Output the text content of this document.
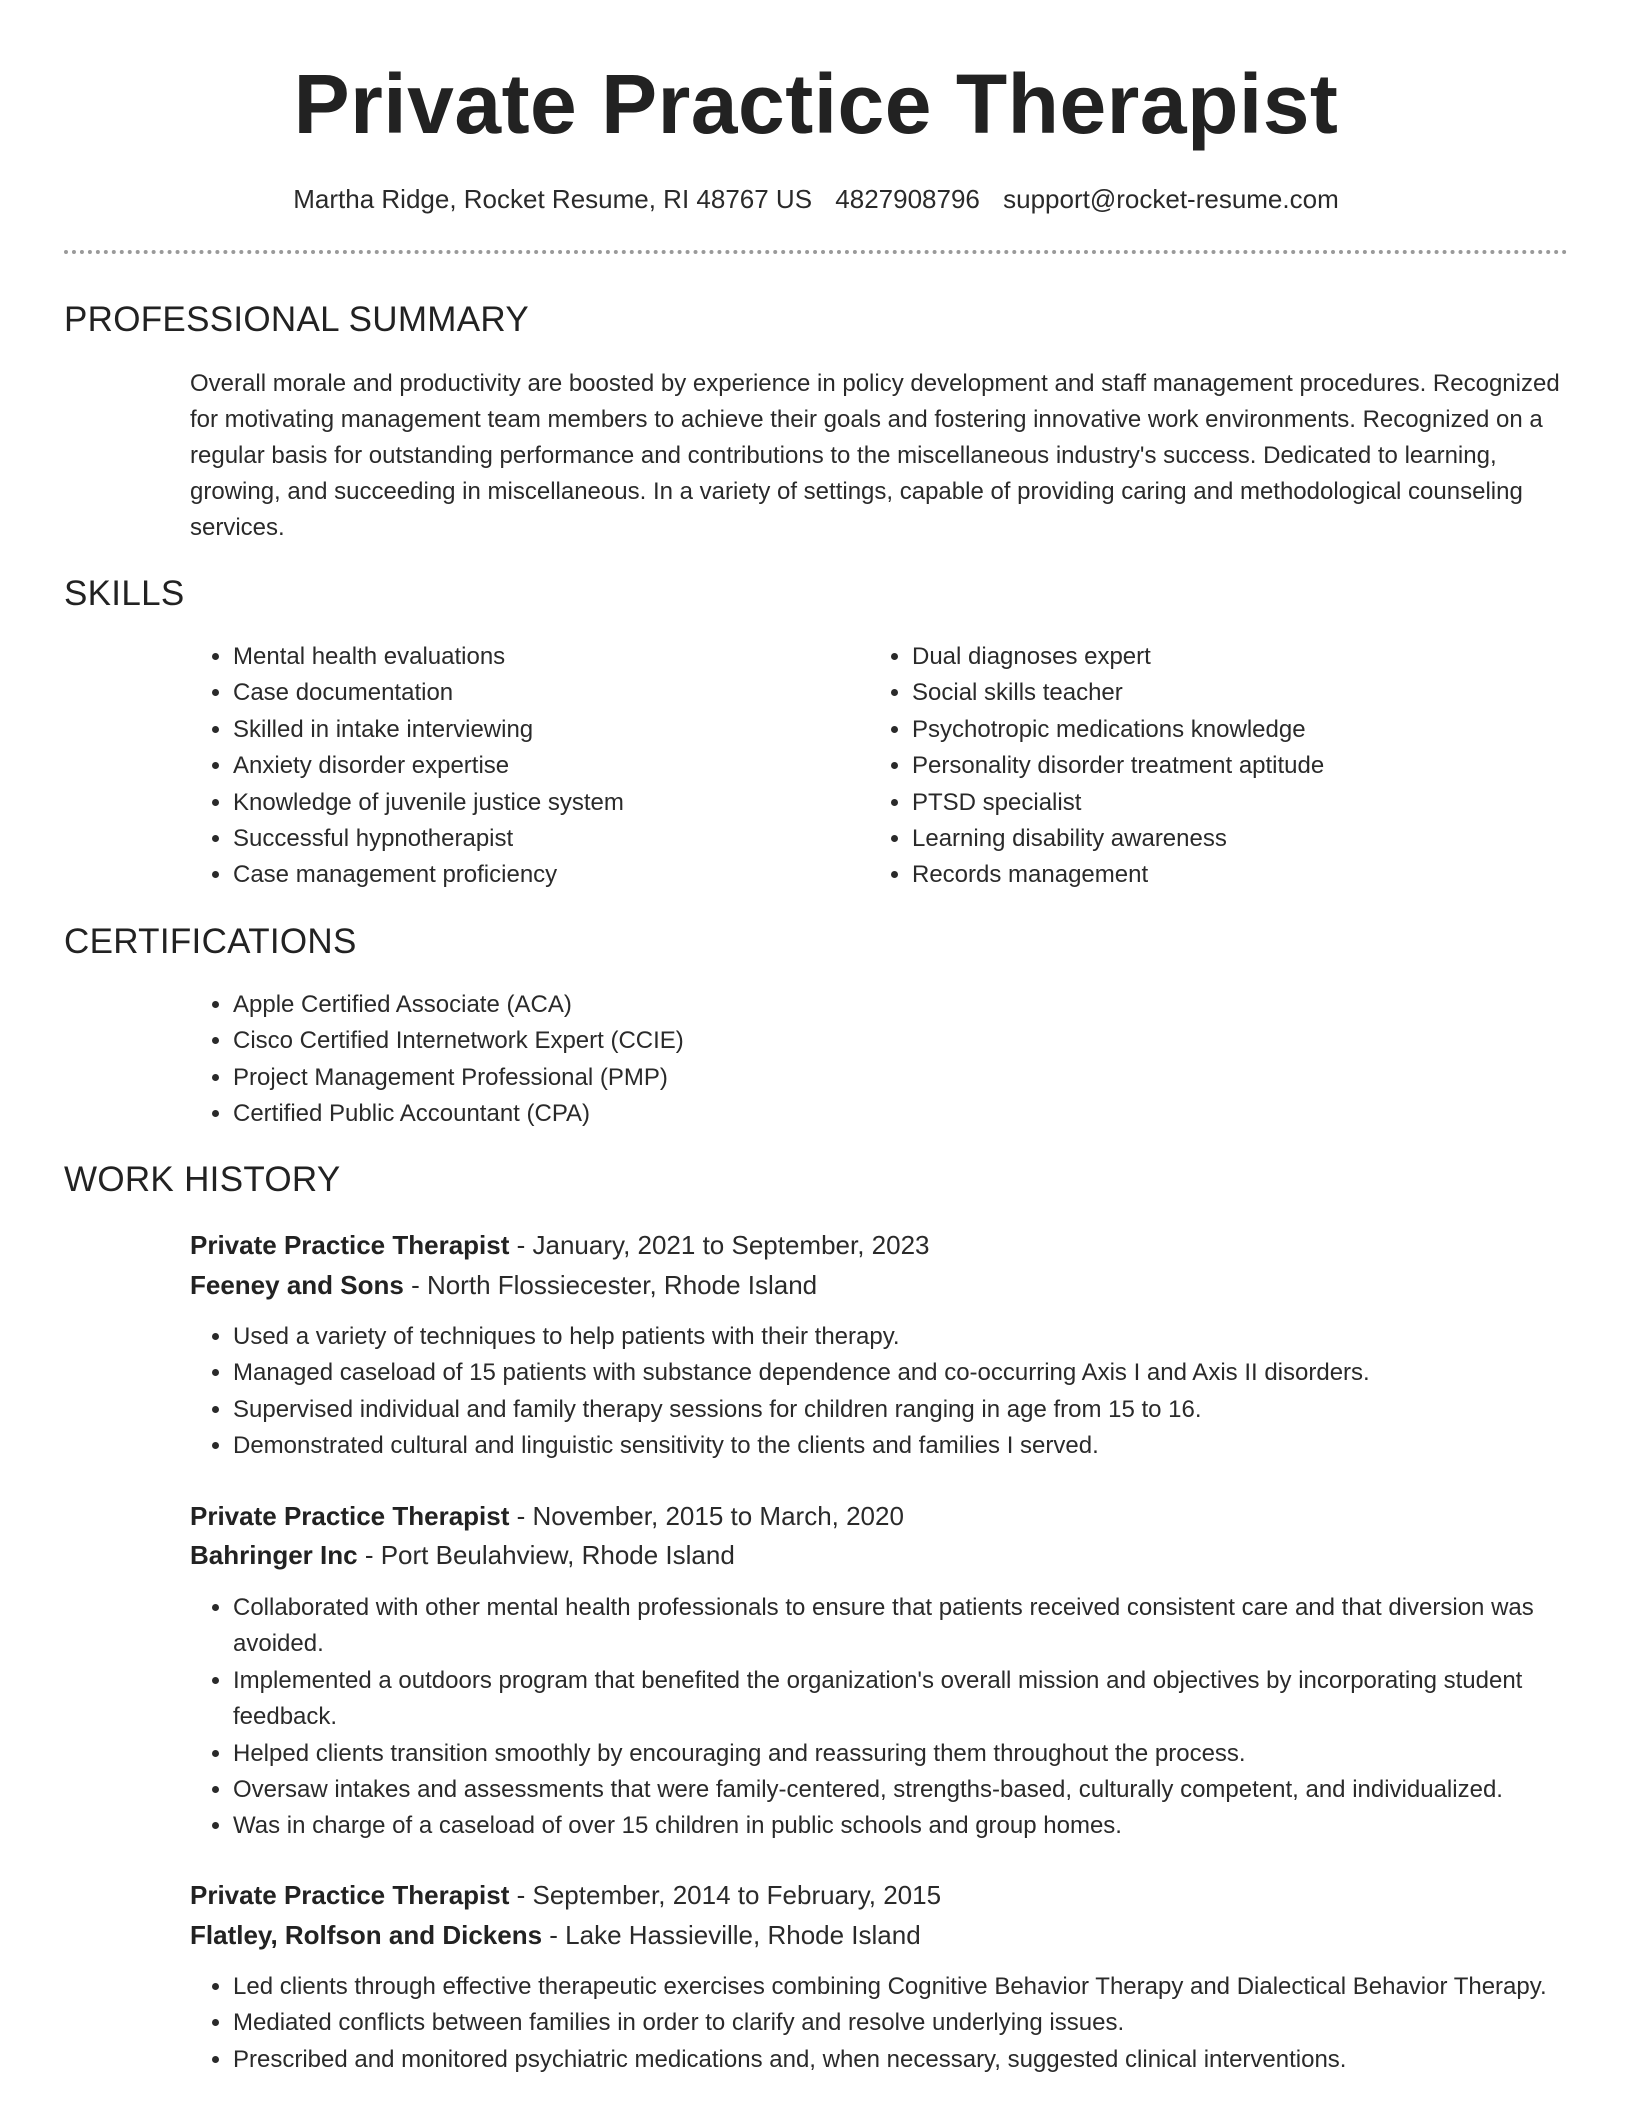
Private Practice Therapist
Martha Ridge, Rocket Resume, RI 48767 US 4827908796 support@rocket-resume.com
PROFESSIONAL SUMMARY

Overall morale and productivity are boosted by experience in policy development and staff management procedures. Recognized for motivating management team members to achieve their goals and fostering innovative work environments. Recognized on a regular basis for outstanding performance and contributions to the miscellaneous industry's success. Dedicated to learning, growing, and succeeding in miscellaneous. In a variety of settings, capable of providing caring and methodological counseling services.

SKILLS
• Mental health evaluations
• Case documentation
• Skilled in intake interviewing
• Anxiety disorder expertise
• Knowledge of juvenile justice system
• Successful hypnotherapist
• Case management proficiency
• Dual diagnoses expert
• Social skills teacher
• Psychotropic medications knowledge
• Personality disorder treatment aptitude
• PTSD specialist
• Learning disability awareness
• Records management
CERTIFICATIONS
• Apple Certified Associate (ACA)
• Cisco Certified Internetwork Expert (CCIE)
• Project Management Professional (PMP)
• Certified Public Accountant (CPA)
WORK HISTORY

Private Practice Therapist - January, 2021 to September, 2023

Feeney and Sons - North Flossiecester, Rhode Island

• Used a variety of techniques to help patients with their therapy.
• Managed caseload of 15 patients with substance dependence and co-occurring Axis I and Axis II disorders.
• Supervised individual and family therapy sessions for children ranging in age from 15 to 16.
• Demonstrated cultural and linguistic sensitivity to the clients and families I served.

Private Practice Therapist - November, 2015 to March, 2020

Bahringer Inc - Port Beulahview, Rhode Island

• Collaborated with other mental health professionals to ensure that patients received consistent care and that diversion was avoided.
• Implemented a outdoors program that benefited the organization's overall mission and objectives by incorporating student feedback.
• Helped clients transition smoothly by encouraging and reassuring them throughout the process.
• Oversaw intakes and assessments that were family-centered, strengths-based, culturally competent, and individualized.
• Was in charge of a caseload of over 15 children in public schools and group homes.

Private Practice Therapist - September, 2014 to February, 2015

Flatley, Rolfson and Dickens - Lake Hassieville, Rhode Island

• Led clients through effective therapeutic exercises combining Cognitive Behavior Therapy and Dialectical Behavior Therapy.
• Mediated conflicts between families in order to clarify and resolve underlying issues.
• Prescribed and monitored psychiatric medications and, when necessary, suggested clinical interventions.
